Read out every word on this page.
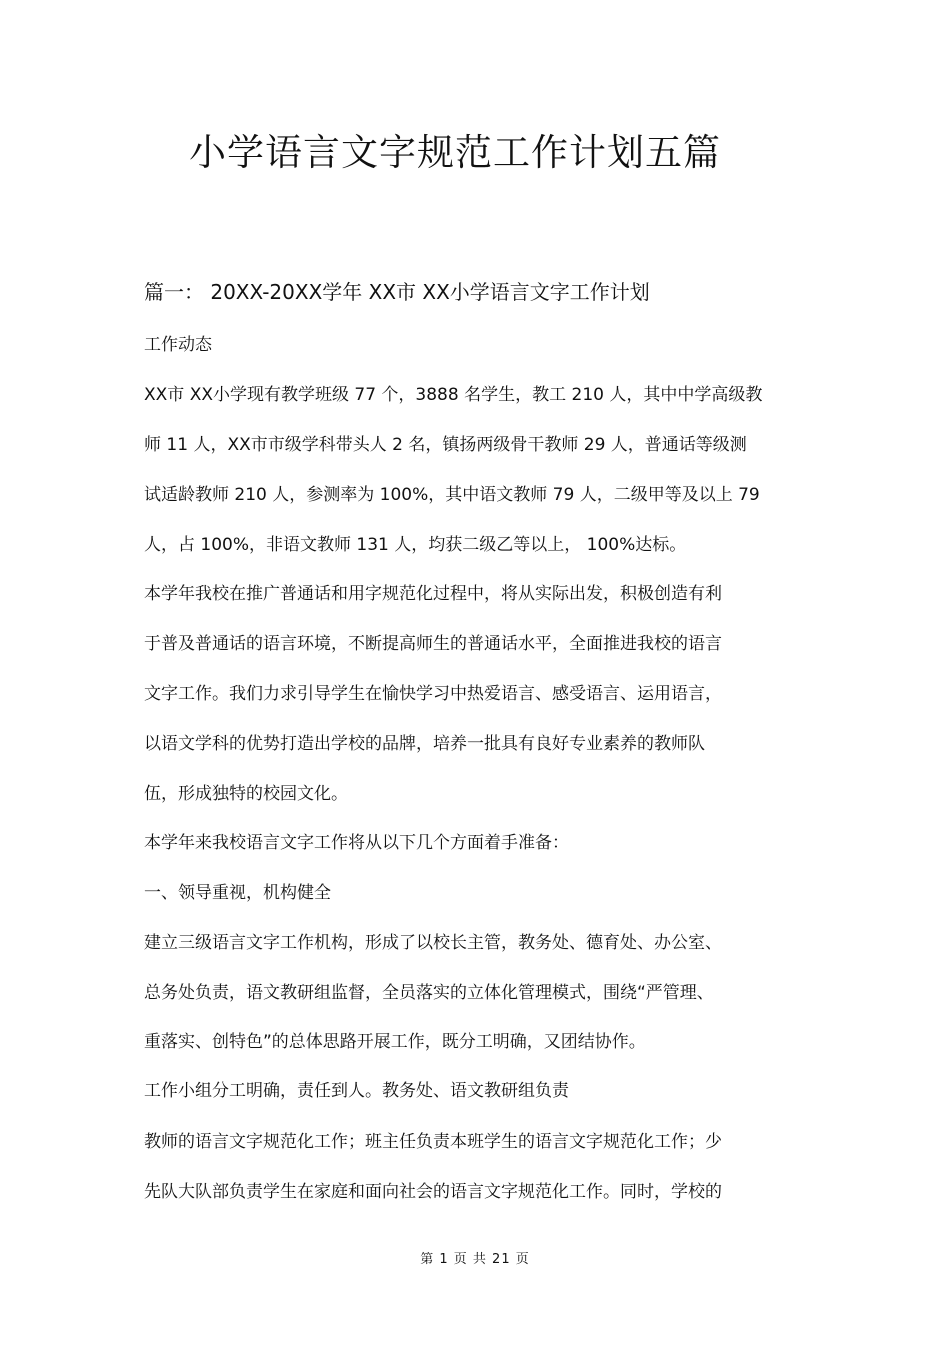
小学语言文字规范工作计划五篇
篇一： 20XX-20XX学年 XX市 XX小学语言文字工作计划

工作动态

XX市 XX小学现有教学班级 77 个，3888 名学生，教工 210 人，其中中学高级教

师 11 人，XX市市级学科带头人 2 名，镇扬两级骨干教师 29 人，普通话等级测

试适龄教师 210 人，参测率为 100%，其中语文教师 79 人，二级甲等及以上 79

人，占 100%，非语文教师 131 人，均获二级乙等以上， 100%达标。

本学年我校在推广普通话和用字规范化过程中，将从实际出发，积极创造有利

于普及普通话的语言环境，不断提高师生的普通话水平，全面推进我校的语言

文字工作。我们力求引导学生在愉快学习中热爱语言、感受语言、运用语言，

以语文学科的优势打造出学校的品牌，培养一批具有良好专业素养的教师队

伍，形成独特的校园文化。

本学年来我校语言文字工作将从以下几个方面着手准备：

一、领导重视，机构健全

建立三级语言文字工作机构，形成了以校长主管，教务处、德育处、办公室、

总务处负责，语文教研组监督，全员落实的立体化管理模式，围绕“严管理、

重落实、创特色”的总体思路开展工作，既分工明确，又团结协作。

工作小组分工明确，责任到人。教务处、语文教研组负责

教师的语言文字规范化工作；班主任负责本班学生的语言文字规范化工作；少

先队大队部负责学生在家庭和面向社会的语言文字规范化工作。同时，学校的

第 1 页 共 21 页
